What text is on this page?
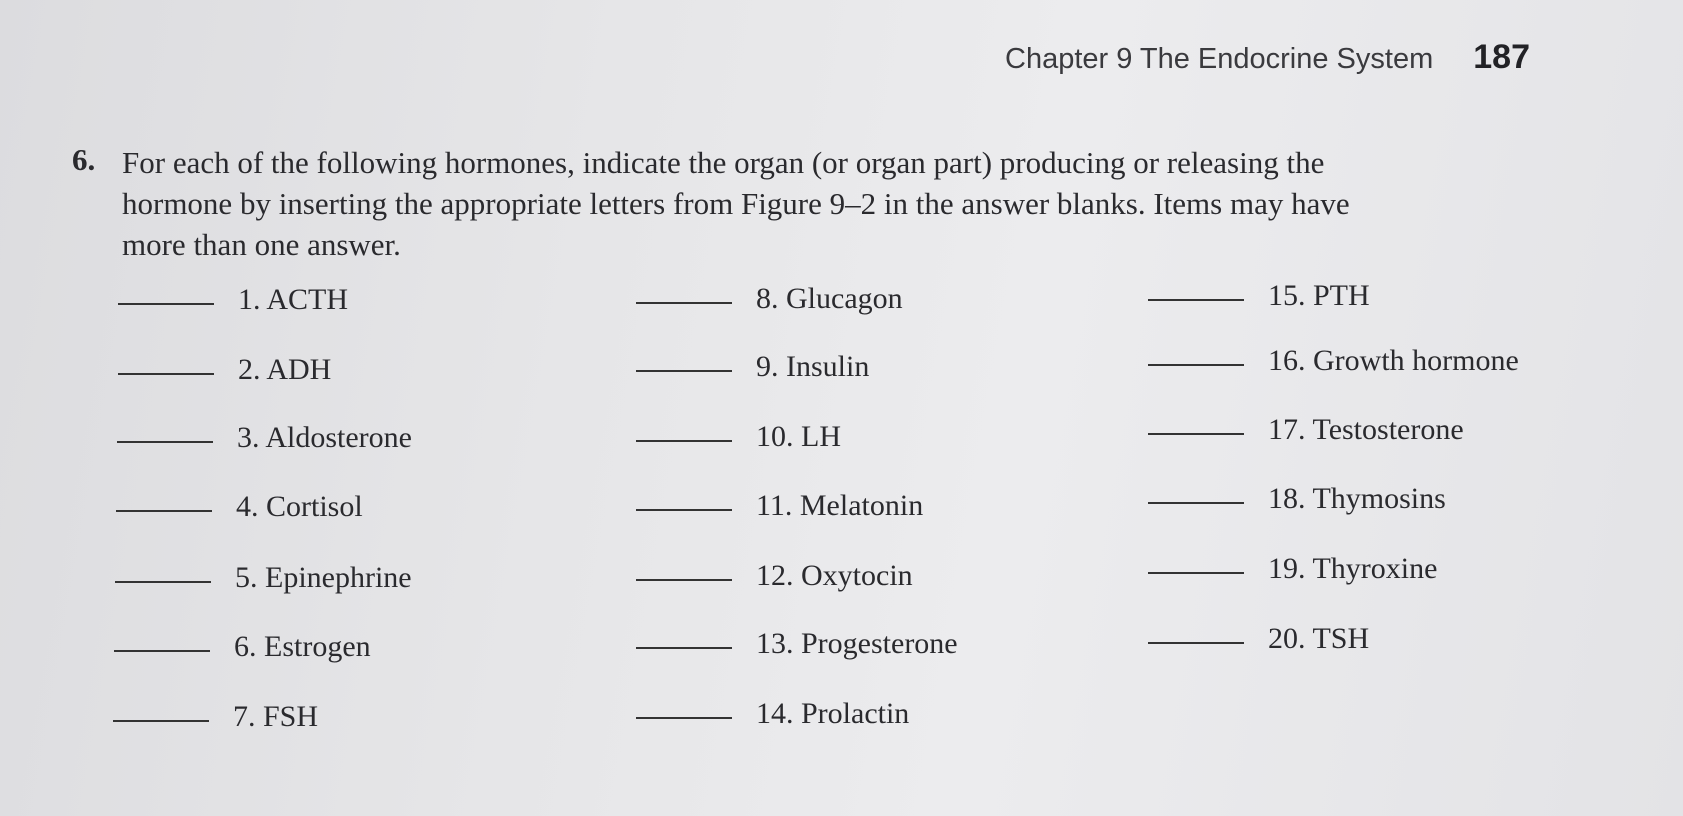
Chapter 9 The Endocrine System 187
6. For each of the following hormones, indicate the organ (or organ part) producing or releasing the hormone by inserting the appropriate letters from Figure 9–2 in the answer blanks. Items may have more than one answer.
1. ACTH
2. ADH
3. Aldosterone
4. Cortisol
5. Epinephrine
6. Estrogen
7. FSH
8. Glucagon
9. Insulin
10. LH
11. Melatonin
12. Oxytocin
13. Progesterone
14. Prolactin
15. PTH
16. Growth hormone
17. Testosterone
18. Thymosins
19. Thyroxine
20. TSH
